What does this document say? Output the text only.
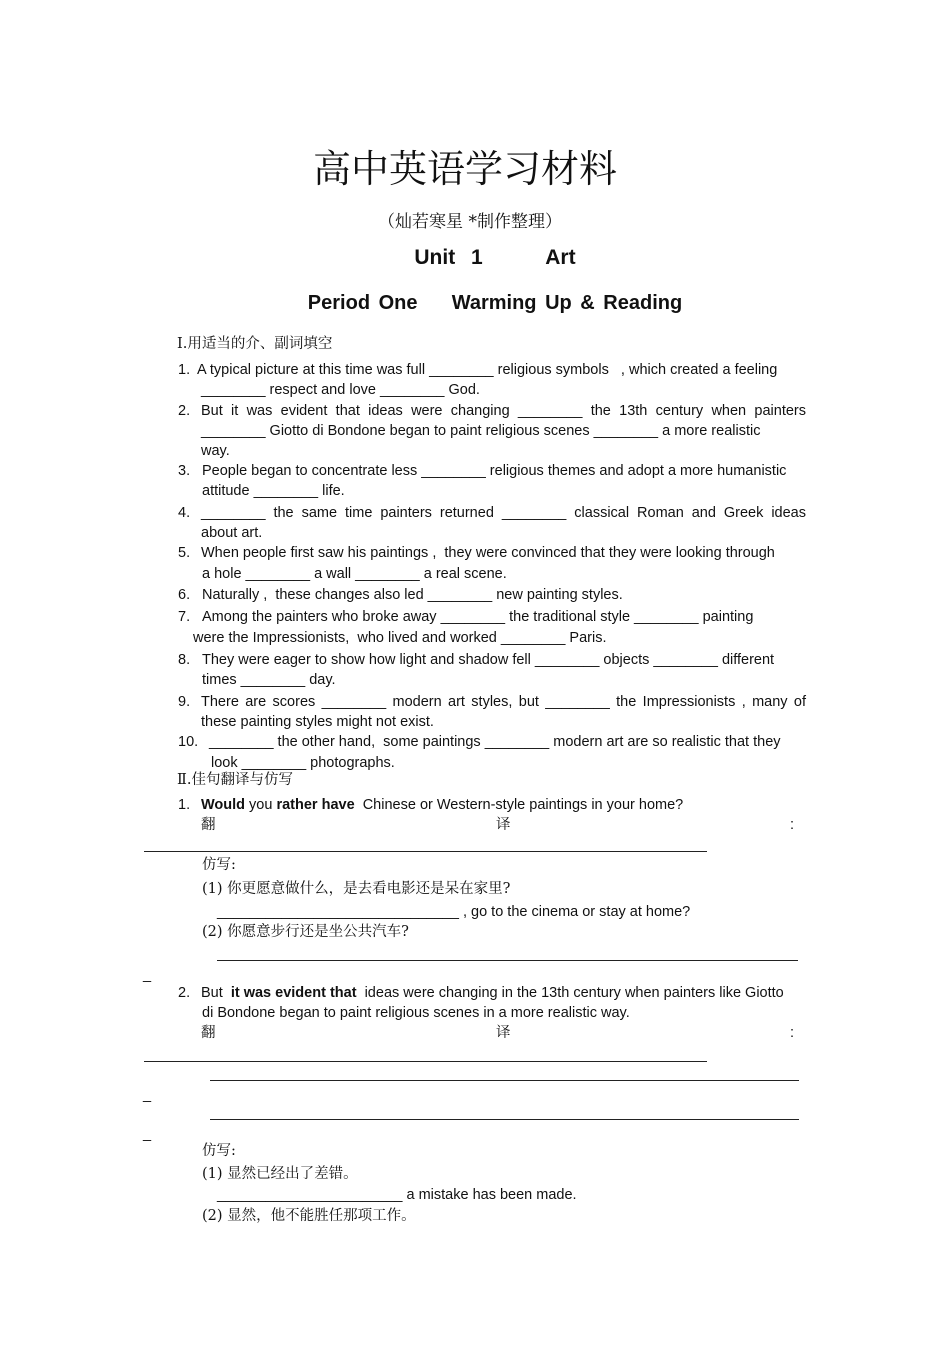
高中英语学习材料
（灿若寒星 *制作整理）
Unit 1    Art
Period One    Warming Up & Reading
Ⅰ.用适当的介、副词填空
1. A typical picture at this time was full ________ religious symbols   , which created a feeling
________ respect and love ________ God.
2. But it was evident that ideas were changing ________ the 13th century when painters
________ Giotto di Bondone began to paint religious scenes ________ a more realistic
way.
3. People began to concentrate less ________ religious themes and adopt a more humanistic
attitude ________ life.
4. ________ the same time painters returned ________ classical Roman and Greek ideas
about art.
5. When people first saw his paintings ,  they were convinced that they were looking through
a hole ________ a wall ________ a real scene.
6. Naturally ,  these changes also led ________ new painting styles.
7. Among the painters who broke away ________ the traditional style ________ painting
were the Impressionists,  who lived and worked ________ Paris.
8. They were eager to show how light and shadow fell ________ objects ________ different
times ________ day.
9. There are scores ________ modern art styles, but ________ the Impressionists , many of
these painting styles might not exist.
10. ________ the other hand,  some paintings ________ modern art are so realistic that they
look ________ photographs.
Ⅱ.佳句翻译与仿写
1. Would you rather have  Chinese or Western-style paintings in your home?
翻	译	:
仿写:
(1) 你更愿意做什么，是去看电影还是呆在家里?
______________________________ , go to the cinema or stay at home?
(2) 你愿意步行还是坐公共汽车?
_
2. But  it was evident that  ideas were changing in the 13th century when painters like Giotto
di Bondone began to paint religious scenes in a more realistic way.
翻	译	:
_
_
仿写:
(1) 显然已经出了差错。
_______________________ a mistake has been made.
(2) 显然，他不能胜任那项工作。
